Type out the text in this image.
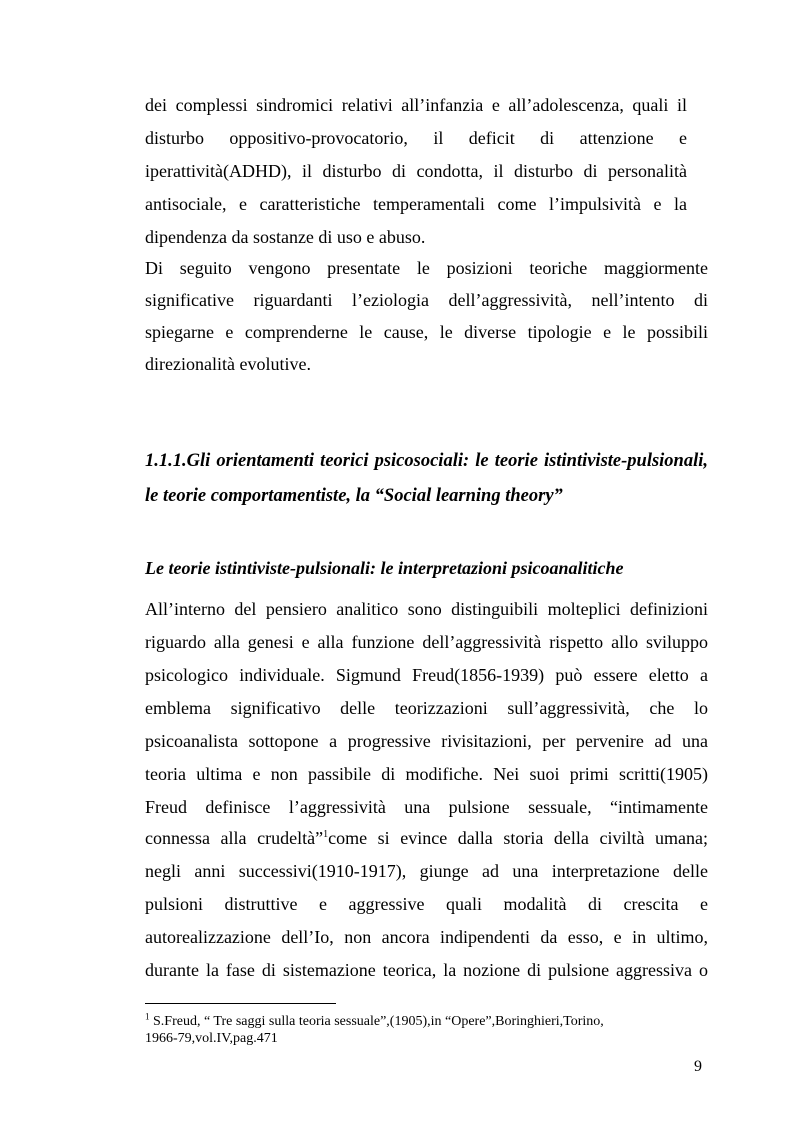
dei complessi sindromici relativi all’infanzia e all’adolescenza, quali il
disturbo oppositivo-provocatorio, il deficit di attenzione e
iperattività(ADHD), il disturbo di condotta, il disturbo di personalità
antisociale, e caratteristiche temperamentali come l’impulsività e la
dipendenza da sostanze di uso e abuso.
Di seguito vengono presentate le posizioni teoriche maggiormente
significative riguardanti l’eziologia dell’aggressività, nell’intento di
spiegarne e comprenderne le cause, le diverse tipologie e le possibili
direzionalità evolutive.
1.1.1.Gli orientamenti teorici psicosociali: le teorie istintiviste-pulsionali,
le teorie comportamentiste, la “Social learning theory”
Le teorie istintiviste-pulsionali: le interpretazioni psicoanalitiche
All’interno del pensiero analitico sono distinguibili molteplici definizioni
riguardo alla genesi e alla funzione dell’aggressività rispetto allo sviluppo
psicologico individuale. Sigmund Freud(1856-1939) può essere eletto a
emblema significativo delle teorizzazioni sull’aggressività, che lo
psicoanalista sottopone a progressive rivisitazioni, per pervenire ad una
teoria ultima e non passibile di modifiche. Nei suoi primi scritti(1905)
Freud definisce l’aggressività una pulsione sessuale, “intimamente
connessa alla crudeltà”$^1$come si evince dalla storia della civiltà umana;
negli anni successivi(1910-1917), giunge ad una interpretazione delle
pulsioni distruttive e aggressive quali modalità di crescita e
autorealizzazione dell’Io, non ancora indipendenti da esso, e in ultimo,
durante la fase di sistemazione teorica, la nozione di pulsione aggressiva o
$^1$ S.Freud, “ Tre saggi sulla teoria sessuale”,(1905),in “Opere”,Boringhieri,Torino,
1966-79,vol.IV,pag.471
9
